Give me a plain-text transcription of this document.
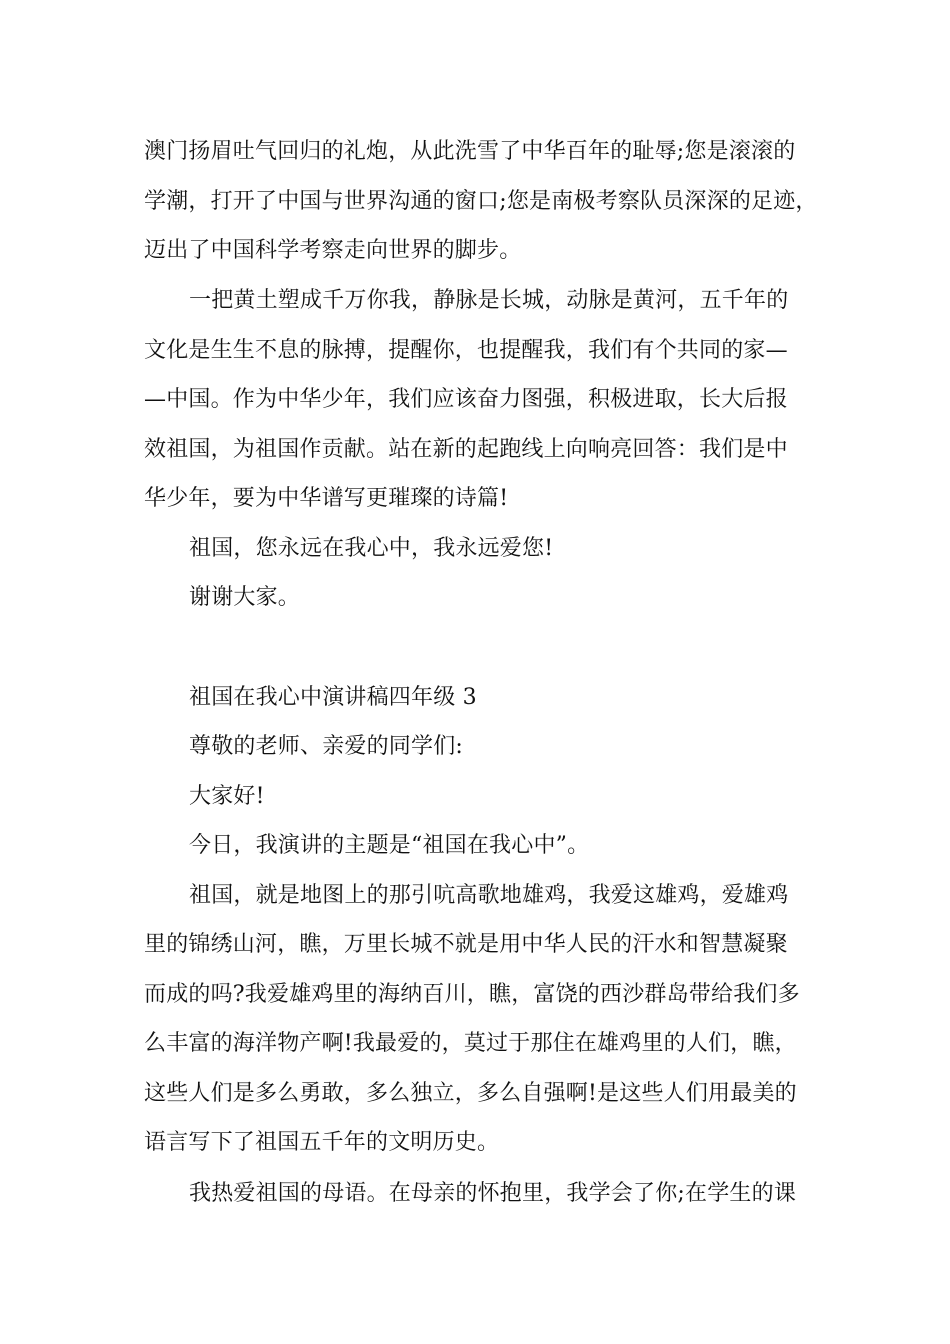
澳门扬眉吐气回归的礼炮，从此洗雪了中华百年的耻辱;您是滚滚的

学潮，打开了中国与世界沟通的窗口;您是南极考察队员深深的足迹，

迈出了中国科学考察走向世界的脚步。

一把黄土塑成千万你我，静脉是长城，动脉是黄河，五千年的

文化是生生不息的脉搏，提醒你，也提醒我，我们有个共同的家—

—中国。作为中华少年，我们应该奋力图强，积极进取，长大后报

效祖国，为祖国作贡献。站在新的起跑线上向响亮回答：我们是中

华少年，要为中华谱写更璀璨的诗篇!

祖国，您永远在我心中，我永远爱您!

谢谢大家。

祖国在我心中演讲稿四年级 3

尊敬的老师、亲爱的同学们:

大家好!

今日，我演讲的主题是“祖国在我心中”。

祖国，就是地图上的那引吭高歌地雄鸡，我爱这雄鸡，爱雄鸡

里的锦绣山河，瞧，万里长城不就是用中华人民的汗水和智慧凝聚

而成的吗?我爱雄鸡里的海纳百川，瞧，富饶的西沙群岛带给我们多

么丰富的海洋物产啊!我最爱的，莫过于那住在雄鸡里的人们，瞧，

这些人们是多么勇敢，多么独立，多么自强啊!是这些人们用最美的

语言写下了祖国五千年的文明历史。

我热爱祖国的母语。在母亲的怀抱里，我学会了你;在学生的课
